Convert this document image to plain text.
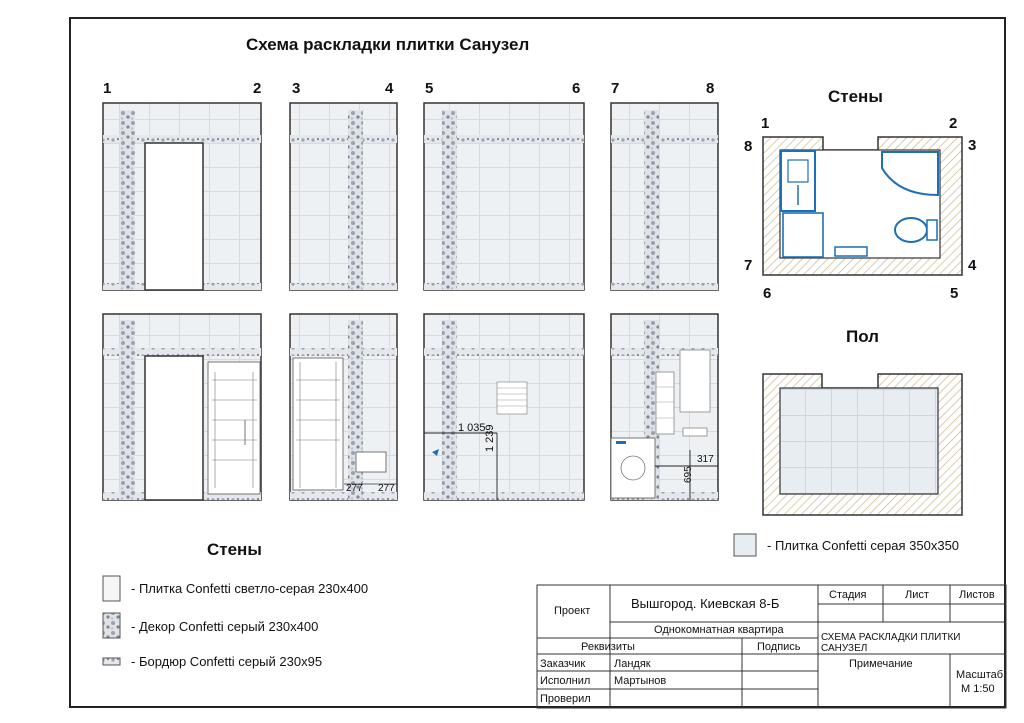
Схема раскладки плитки Санузел
1	2 3	4 5	6 7	8	Стены
1	2
3
4
5
6
7
8
Пол
1 035
1 239
277 277
317
695
Стены
- Плитка Confetti светло-серая 230x400
- Декор Confetti серый 230x400
- Бордюр Confetti серый 230x95
- Плитка Confetti серая 350x350
Проект	Вышгород. Киевская 8-Б
Однокомнатная квартира
Стадия	Лист	Листов
СХЕМА РАСКЛАДКИ ПЛИТКИ САНУЗЕЛ
Реквизиты	Подпись
Примечание
Заказчик	Ландяк
Исполнил Мартынов
Проверил
Масштаб
М 1:50
